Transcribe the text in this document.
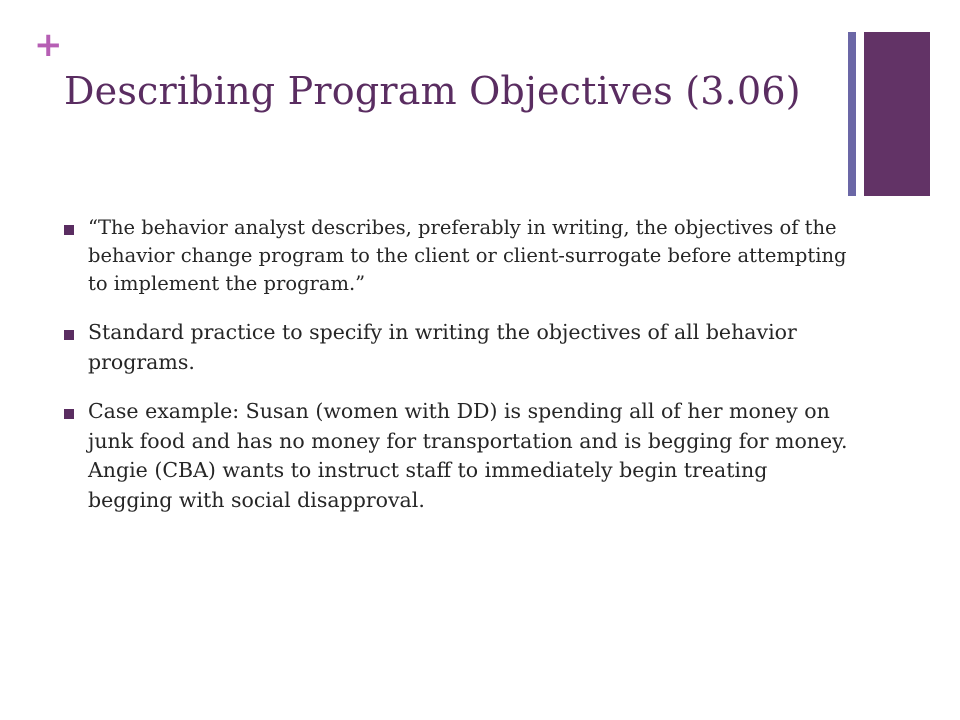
+
Describing Program Objectives (3.06)
“The behavior analyst describes, preferably in writing, the objectives of the behavior change program to the client or client-surrogate before attempting to implement the program.”
Standard practice to specify in writing the objectives of all behavior programs.
Case example: Susan (women with DD) is spending all of her money on junk food and has no money for transportation and is begging for money. Angie (CBA) wants to instruct staff to immediately begin treating begging with social disapproval.
